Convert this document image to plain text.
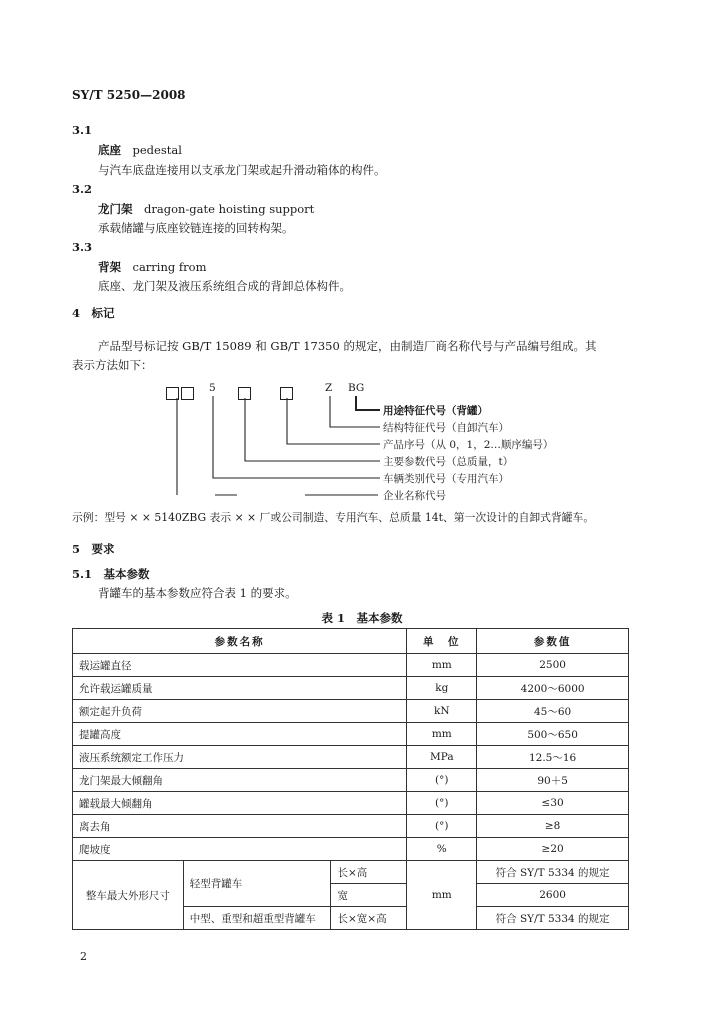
SY/T 5250—2008
3.1
底座　 pedestal
与汽车底盘连接用以支承龙门架或起升滑动箱体的构件。
3.2
龙门架　 dragon-gate hoisting support
承载储罐与底座铰链连接的回转构架。
3.3
背架　 carring from
底座、龙门架及液压系统组合成的背卸总体构件。
4　标记
产品型号标记按 GB/T 15089 和 GB/T 17350 的规定，由制造厂商名称代号与产品编号组成。其
表示方法如下：
5	Z BG
用途特征代号（背罐）
结构特征代号（自卸汽车）
产品序号（从 0，1，2…顺序编号）
主要参数代号（总质量，t）
车辆类别代号（专用汽车）
企业名称代号
示例：型号 × × 5140ZBG 表示 × × 厂或公司制造、专用汽车、总质量 14t、第一次设计的自卸式背罐车。
5　要求
5.1　 基本参数
背罐车的基本参数应符合表 1 的要求。
表 1　基本参数
参数名称			单　位	参数值
载运罐直径			mm	2500
允许载运罐质量			kg	4200～6000
额定起升负荷			kN	45～60
提罐高度			mm	500～650
液压系统额定工作压力			MPa	12.5～16
龙门架最大倾翻角			(°)	90＋5
罐载最大倾翻角			(°)	≤30
离去角			(°)	≥8
爬坡度			%	≥20
整车最大外形尺寸	轻型背罐车	长×高	mm	符合 SY/T 5334 的规定
		宽		2600
	中型、重型和超重型背罐车	长×宽×高		符合 SY/T 5334 的规定
2
